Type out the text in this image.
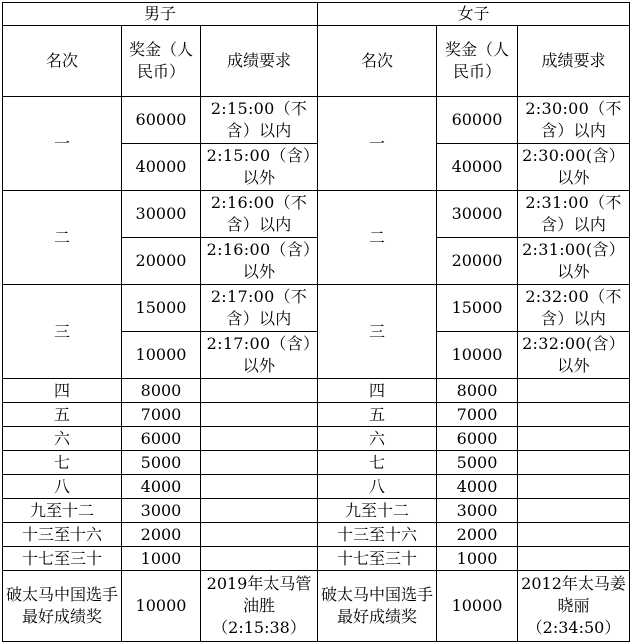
男子			女子		
名次	奖金（人民币）	成绩要求	名次	奖金（人民币）	成绩要求
一	60000	2:15:00（不含）以内	一	60000	2:30:00（不含）以内
	40000	2:15:00（含）以外		40000	2:30:00(含）以外
二	30000	2:16:00（不含）以内	二	30000	2:31:00（不含）以内
	20000	2:16:00（含）以外		20000	2:31:00(含）以外
三	15000	2:17:00（不含）以内	三	15000	2:32:00（不含）以内
	10000	2:17:00（含）以外		10000	2:32:00(含）以外
四	8000		四	8000	
五	7000		五	7000	
六	6000		六	6000	
七	5000		七	5000	
八	4000		八	4000	
九至十二	3000		九至十二	3000	
十三至十六	2000		十三至十六	2000	
十七至三十	1000		十七至三十	1000	
破太马中国选手最好成绩奖	10000	2019年太马管油胜（2:15:38）	破太马中国选手最好成绩奖	10000	2012年太马姜晓丽（2:34:50）
